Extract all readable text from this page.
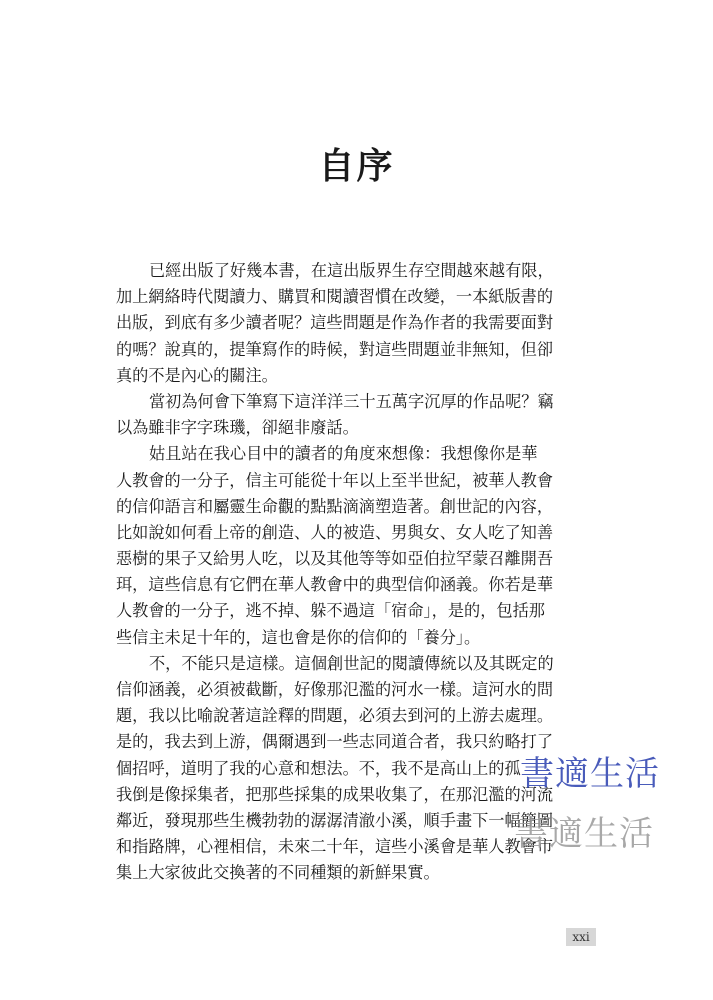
自序
已經出版了好幾本書，在這出版界生存空間越來越有限，
加上網絡時代閱讀力、購買和閱讀習慣在改變，一本紙版書的
出版，到底有多少讀者呢？這些問題是作為作者的我需要面對
的嗎？說真的，提筆寫作的時候，對這些問題並非無知，但卻
真的不是內心的關注。
當初為何會下筆寫下這洋洋三十五萬字沉厚的作品呢？竊
以為雖非字字珠璣，卻絕非廢話。
姑且站在我心目中的讀者的角度來想像：我想像你是華
人教會的一分子，信主可能從十年以上至半世紀，被華人教會
的信仰語言和屬靈生命觀的點點滴滴塑造著。創世記的內容，
比如說如何看上帝的創造、人的被造、男與女、女人吃了知善
惡樹的果子又給男人吃，以及其他等等如亞伯拉罕蒙召離開吾
珥，這些信息有它們在華人教會中的典型信仰涵義。你若是華
人教會的一分子，逃不掉、躲不過這「宿命」，是的，包括那
些信主未足十年的，這也會是你的信仰的「養分」。
不，不能只是這樣。這個創世記的閱讀傳統以及其既定的
信仰涵義，必須被截斷，好像那氾濫的河水一樣。這河水的問
題，我以比喻說著這詮釋的問題，必須去到河的上游去處理。
是的，我去到上游，偶爾遇到一些志同道合者，我只約略打了
個招呼，道明了我的心意和想法。不，我不是高山上的孤
我倒是像採集者，把那些採集的成果收集了，在那氾濫的河流
鄰近，發現那些生機勃勃的潺潺清澈小溪，順手畫下一幅簡圖
和指路牌，心裡相信，未來二十年，這些小溪會是華人教會市
集上大家彼此交換著的不同種類的新鮮果實。
書適生活
書適生活
xxi
